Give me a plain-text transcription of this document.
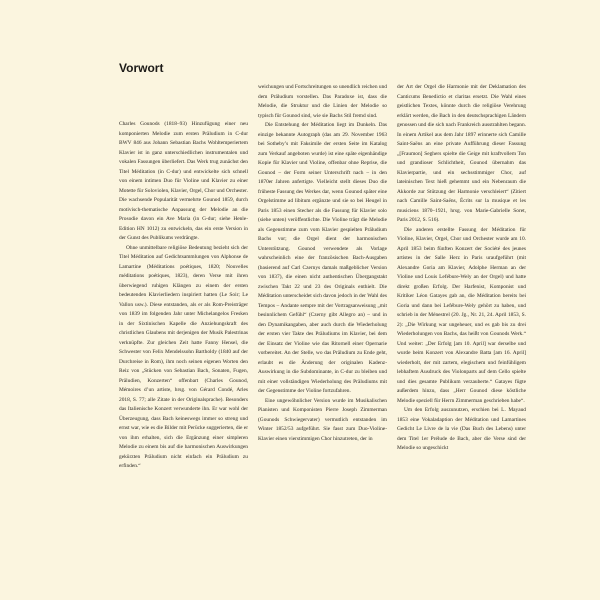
Vorwort

Charles Gounods (1818–93) Hinzufügung einer neu komponierten Melodie zum ersten Präludium in C-dur BWV 846 aus Johann Sebastian Bachs Wohltemperiertem Klavier ist in ganz unterschiedlichen instrumentalen und vokalen Fassungen überliefert. Das Werk trug zunächst den Titel Méditation (in C-dur) und entwickelte sich schnell von einem intimen Duo für Violine und Klavier zu einer Motette für Soloviolen, Klavier, Orgel, Chor und Orchester. Die wachsende Popularität vermehrte Gounod 1859, durch motivisch-thematische Anpassung der Melodie an die Prosodie davon ein Ave Maria (in G-dur; siehe Henle-Edition HN 1012) zu entwickeln, das ein erste Version in der Gunst des Publikums verdrängte.

Ohne unmittelbare religiöse Bedeutung bezieht sich der Titel Méditation auf Gedichtsammlungen von Alphonse de Lamartine (Méditations poétiques, 1820; Nouvelles méditations poétiques, 1823), deren Verse mit ihren überwiegend ruhigen Klängen zu einem der ersten bedeutenden Klavierliedern inspiriert hatten (Le Soir; Le Vallon usw.). Diese entstanden, als er als Rom-Preisträger von 1839 im folgenden Jahr unter Michelangelos Fresken in der Sixtinischen Kapelle die Anziehungskraft des christlichen Glaubens mit derjenigen der Musik Palestrinas verknüpfte. Zur gleichen Zeit hatte Fanny Hensel, die Schwester von Felix Mendelssohn Bartholdy (1840 auf der Durchreise in Rom), ihm noch seinen eigenen Worten den Reiz von „Stücken von Sebastian Bach, Sonaten, Fugen, Präludien, Konzerten“ offenbart (Charles Gounod, Mémoires d’un artiste, hrsg. von Gérard Condé, Arles 2018, S. 77; alle Zitate in der Originalsprache). Besonders das Italienische Konzert verwunderte ihn. Er war wohl der Überzeugung, dass Bach keineswegs immer so streng und ernst war, wie es die Bilder mit Perücke suggerierten, die er von ihm erhalten, sich die Ergänzung einer simpleren Melodie zu einem bis auf die harmonischen Auswirkungen gekürzten Präludium nicht einfach ein Präludium zu erfinden.“

weichungen und Fortschreitungen so unendlich reichen und dem Präludium vorstellen. Das Paradoxe ist, dass die Melodie, die Struktur und die Linien der Melodie so typisch für Gounod sind, wie sie Bachs Stil fremd sind.

Die Entstehung der Méditation liegt im Dunkeln. Das einzige bekannte Autograph (das am 29. November 1963 bei Sotheby’s mit Faksimile der ersten Seite im Katalog zum Verkauf angeboten wurde) ist eine späte eigenhändige Kopie für Klavier und Violine, offenbar ohne Reprise, die Gounod – der Form seiner Unterschrift nach – in den 1870er Jahren anfertigte. Vielleicht stellt dieses Duo die früheste Fassung des Werkes dar, wenn Gounod später eine Orgelstimme ad libitum ergänzte und sie so bei Heugel in Paris 1853 einen Stecher als die Fassung für Klavier solo (siehe unten) veröffentlichte. Die Violine trägt die Melodie als Gegenstimme zum vom Klavier gespielten Präludium Bachs vor; die Orgel dient der harmonischen Unterstützung. Gounod verwendete als Vorlage wahrscheinlich eine der französischen Bach-Ausgaben (basierend auf Carl Czernys damals maßgeblicher Version von 1837), die einen nicht authentischen Übergangstakt zwischen Takt 22 und 23 des Originals enthielt. Die Méditation unterscheidet sich davon jedoch in der Wahl des Tempos – Andante sempre mit der Vortragsanweisung „mit besinnlichem Gefühl“ (Czerny gibt Allegro an) – und in den Dynamikangaben, aber auch durch die Wiederholung der ersten vier Takte des Präludiums im Klavier, bei dem der Einsatz der Violine wie das Ritornell einer Opernarie vorbereitet. An der Stelle, wo das Präludium zu Ende geht, erlaubt es die Änderung der originalen Kadenz-Auswirkung in die Subdominante, in C-dur zu bleiben und mit einer vollständigen Wiederholung des Präludiums mit der Gegenstimme der Violine fortzufahren.

Eine ungewöhnlicher Version wurde im Musikalischen Pianisten und Komponisten Pierre Joseph Zimmerman (Gounods Schwiegervater) vermutlich entstanden im Winter 1852/53 aufgeführt. Sie fasst zum Duo-Violine-Klavier einen vierstimmigen Chor hinzutreten, der in

der Art der Orgel die Harmonie mit der Deklamation des Canticums Benedictio et claritas ersetzt. Die Wahl eines geistlichen Textes, könnte durch die religiöse Verehrung erklärt werden, die Bach in den deutschsprachigen Ländern genossen und die sich nach Frankreich ausstrahlten begann. In einem Artikel aus dem Jahr 1897 erinnerte sich Camille Saint-Saëns an eine private Aufführung dieser Fassung „[Fraumon] Seghers spielte die Geige mit kraftvollem Ton und grandioser Schlichtheit, Gounod übernahm das Klavierpartie, und ein sechsstimmiger Chor, auf lateinischen Text hieß gehemmt und ein Nebenraum die Akkorde zur Stützung der Harmonie verschleiert“ (Zitiert nach Camille Saint-Saëns, Écrits sur la musique et les musiciens 1870–1921, hrsg. von Marie-Gabrielle Soret, Paris 2012, S. 516).

Die anderen erstellte Fassung der Méditation für Violine, Klavier, Orgel, Chor und Orchester wurde am 10. April 1853 beim fünften Konzert der Société des jeunes artistes in der Salle Herz in Paris uraufgeführt (mit Alexandre Goria am Klavier, Adolphe Herman an der Violine und Louis Lefébure-Wely an der Orgel) und hatte direkt großen Erfolg. Der Harfenist, Komponist und Kritiker Léon Gatayes gab an, die Méditation bereits bei Goria und dann bei Lefébure-Wely gehört zu haben, und schrieb in der Ménestrel (20. Jg., Nr. 21, 24. April 1853, S. 2): „Die Wirkung war ungeheuer, und es gab bis zu drei Wiederholungen von Bachs, das heißt von Gounods Werk.“ Und weiter: „Der Erfolg [am 10. April] war derselbe und wurde beim Konzert von Alexandre Batta [am 16. April] wiederholt, der mit zartem, elegischem und feinfühligem lebhaftem Ausdruck des Violonparts auf dem Cello spielte und dies gesamte Publikum verzauberte.“ Gatayes fügte außerdem hinzu, dass „Herr Gounod diese köstliche Melodie speziell für Herrn Zimmerman geschrieben habe“.

Um den Erfolg auszunutzen, erschien bei L. Mayaud 1853 eine Vokaladaption der Méditation und Lamartines Gedicht Le Livre de la vie (Das Buch des Lebens) unter dem Titel 1er Prélude de Bach, aber die Verse sind der Melodie so ungeschickt
